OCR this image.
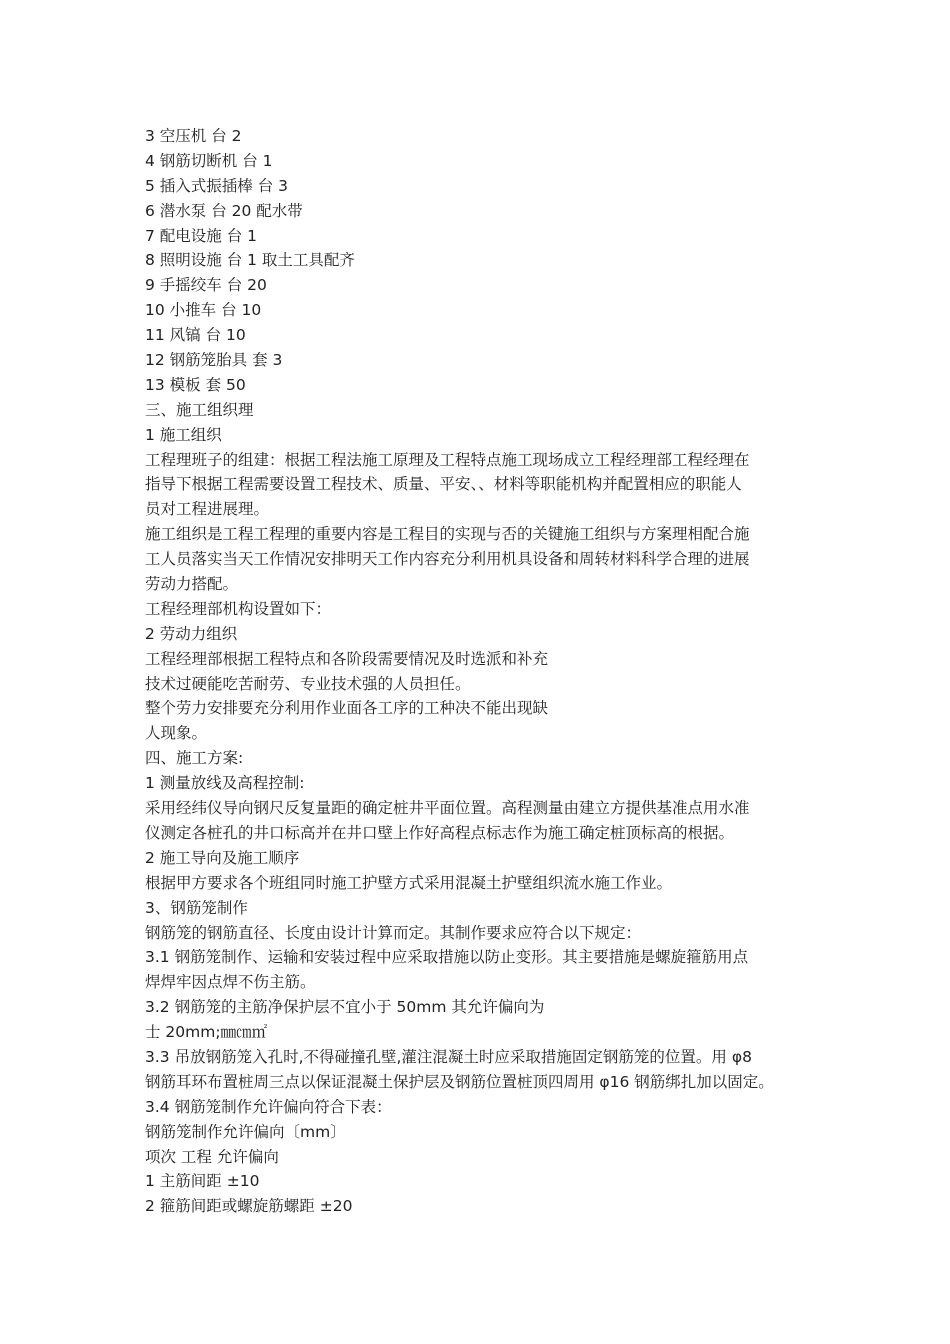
3 空压机 台 2
4 钢筋切断机 台 1
5 插入式振插棒 台 3
6 潜水泵 台 20 配水带
7 配电设施 台 1
8 照明设施 台 1 取土工具配齐
9 手摇绞车 台 20
10 小推车 台 10
11 风镐 台 10
12 钢筋笼胎具 套 3
13 模板 套 50
三、施工组织理
1 施工组织
工程理班子的组建：根据工程法施工原理及工程特点施工现场成立工程经理部工程经理在
指导下根据工程需要设置工程技术、质量、平安、、材料等职能机构并配置相应的职能人
员对工程进展理。
施工组织是工程工程理的重要内容是工程目的实现与否的关键施工组织与方案理相配合施
工人员落实当天工作情况安排明天工作内容充分利用机具设备和周转材料科学合理的进展
劳动力搭配。
工程经理部机构设置如下：
2 劳动力组织
工程经理部根据工程特点和各阶段需要情况及时选派和补充
技术过硬能吃苦耐劳、专业技术强的人员担任。
整个劳力安排要充分利用作业面各工序的工种决不能出现缺
人现象。
四、施工方案:
1 测量放线及高程控制:
采用经纬仪导向钢尺反复量距的确定桩井平面位置。高程测量由建立方提供基准点用水准
仪测定各桩孔的井口标高并在井口壁上作好高程点标志作为施工确定桩顶标高的根据。
2 施工导向及施工顺序
根据甲方要求各个班组同时施工护壁方式采用混凝土护壁组织流水施工作业。
3、钢筋笼制作
钢筋笼的钢筋直径、长度由设计计算而定。其制作要求应符合以下规定：
3.1 钢筋笼制作、运输和安装过程中应采取措施以防止变形。其主要措施是螺旋箍筋用点
焊焊牢因点焊不伤主筋。
3.2 钢筋笼的主筋净保护层不宜小于 50mm 其允许偏向为
士 20mm;㎜㎝㎡
3.3 吊放钢筋笼入孔时,不得碰撞孔壁,灌注混凝土时应采取措施固定钢筋笼的位置。用 φ8
钢筋耳环布置桩周三点以保证混凝土保护层及钢筋位置桩顶四周用 φ16 钢筋绑扎加以固定。
3.4 钢筋笼制作允许偏向符合下表：
钢筋笼制作允许偏向〔mm〕
项次 工程 允许偏向
1 主筋间距 ±10
2 箍筋间距或螺旋筋螺距 ±20
